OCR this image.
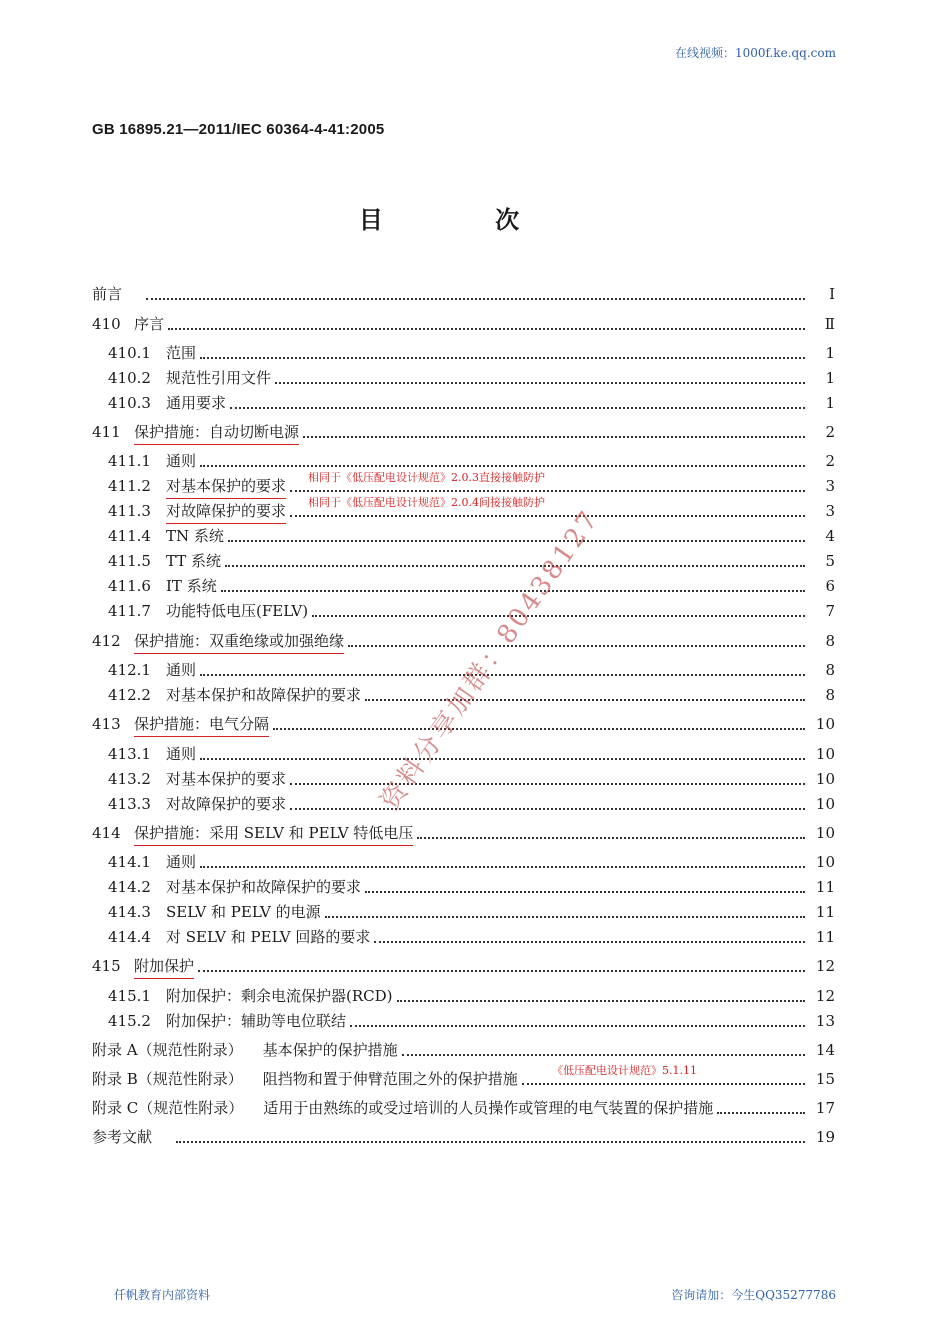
在线视频：1000f.ke.qq.com
GB 16895.21—2011/IEC 60364-4-41:2005
目 次
前言	I
410 序言	Ⅱ
410.1	范围	1
410.2	规范性引用文件	1
410.3	通用要求	1
411 保护措施：自动切断电源	2
411.1	通则	2
411.2	对基本保护的要求	3
411.3	对故障保护的要求	3
411.4	TN 系统	4
411.5	TT 系统	5
411.6	IT 系统	6
411.7	功能特低电压(FELV)	7
412 保护措施：双重绝缘或加强绝缘	8
412.1	通则	8
412.2	对基本保护和故障保护的要求	8
413 保护措施：电气分隔	10
413.1	通则	10
413.2	对基本保护的要求	10
413.3	对故障保护的要求	10
414 保护措施：采用 SELV 和 PELV 特低电压	10
414.1	通则	10
414.2	对基本保护和故障保护的要求	11
414.3	SELV 和 PELV 的电源	11
414.4	对 SELV 和 PELV 回路的要求	11
415 附加保护	12
415.1	附加保护：剩余电流保护器(RCD)	12
415.2	附加保护：辅助等电位联结	13
附录 A（规范性附录） 基本保护的保护措施	14
附录 B（规范性附录） 阻挡物和置于伸臂范围之外的保护措施	15
附录 C（规范性附录） 适用于由熟练的或受过培训的人员操作或管理的电气装置的保护措施	17
参考文献	19
相同于《低压配电设计规范》2.0.3直接接触防护
相同于《低压配电设计规范》2.0.4间接接触防护
《低压配电设计规范》5.1.11
资料分享加群：80438127
仟帆教育内部资料	咨询请加：今生QQ35277786
